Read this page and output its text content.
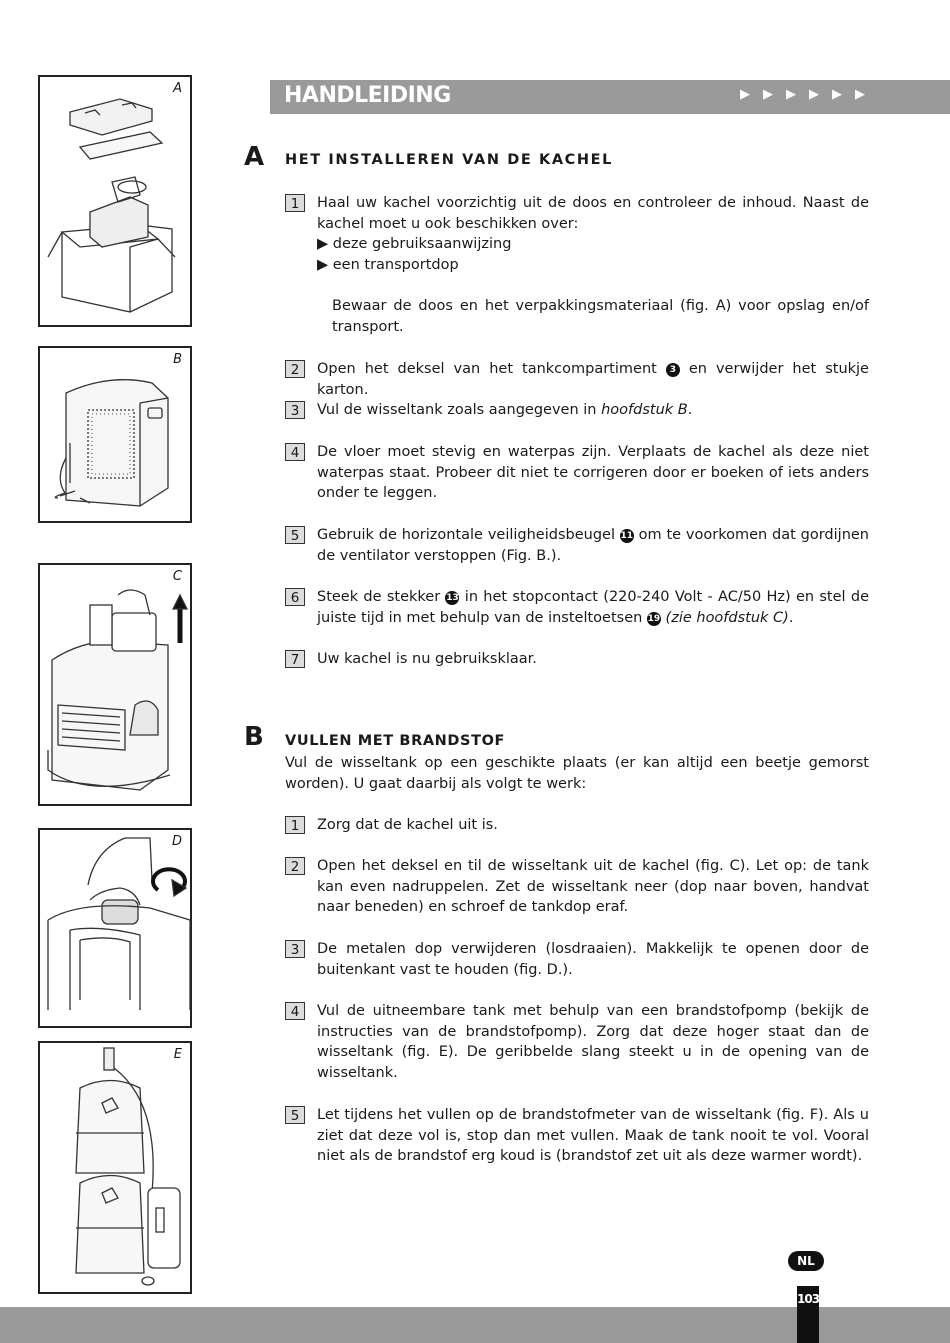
A
B
C
D
E
HANDLEIDING	▶▶▶▶▶▶
A HET INSTALLEREN VAN DE KACHEL
1	Haal uw kachel voorzichtig uit de doos en controleer de inhoud. Naast de kachel moet u ook beschikken over:
▶ deze gebruiksaanwijzing
▶ een transportdop
Bewaar de doos en het verpakkingsmateriaal (fig. A) voor opslag en/of transport.
2	Open het deksel van het tankcompartiment 3 en verwijder het stukje karton.
3	Vul de wisseltank zoals aangegeven in hoofdstuk B.
4	De vloer moet stevig en waterpas zijn. Verplaats de kachel als deze niet waterpas staat. Probeer dit niet te corrigeren door er boeken of iets anders onder te leggen.
5	Gebruik de horizontale veiligheidsbeugel 11 om te voorkomen dat gordijnen de ventilator verstoppen (Fig. B.).
6	Steek de stekker 13 in het stopcontact (220-240 Volt - AC/50 Hz) en stel de juiste tijd in met behulp van de insteltoetsen 19 (zie hoofdstuk C).
7	Uw kachel is nu gebruiksklaar.
B VULLEN MET BRANDSTOF
Vul de wisseltank op een geschikte plaats (er kan altijd een beetje gemorst worden). U gaat daarbij als volgt te werk:
1	Zorg dat de kachel uit is.
2	Open het deksel en til de wisseltank uit de kachel (fig. C). Let op: de tank kan even nadruppelen. Zet de wisseltank neer (dop naar boven, handvat naar beneden) en schroef de tankdop eraf.
3	De metalen dop verwijderen (losdraaien). Makkelijk te openen door de buitenkant vast te houden (fig. D.).
4	Vul de uitneembare tank met behulp van een brandstofpomp (bekijk de instructies van de brandstofpomp). Zorg dat deze hoger staat dan de wisseltank (fig. E). De geribbelde slang steekt u in de opening van de wisseltank.
5	Let tijdens het vullen op de brandstofmeter van de wisseltank (fig. F). Als u ziet dat deze vol is, stop dan met vullen. Maak de tank nooit te vol. Vooral niet als de brandstof erg koud is (brandstof zet uit als deze warmer wordt).
NL
103
